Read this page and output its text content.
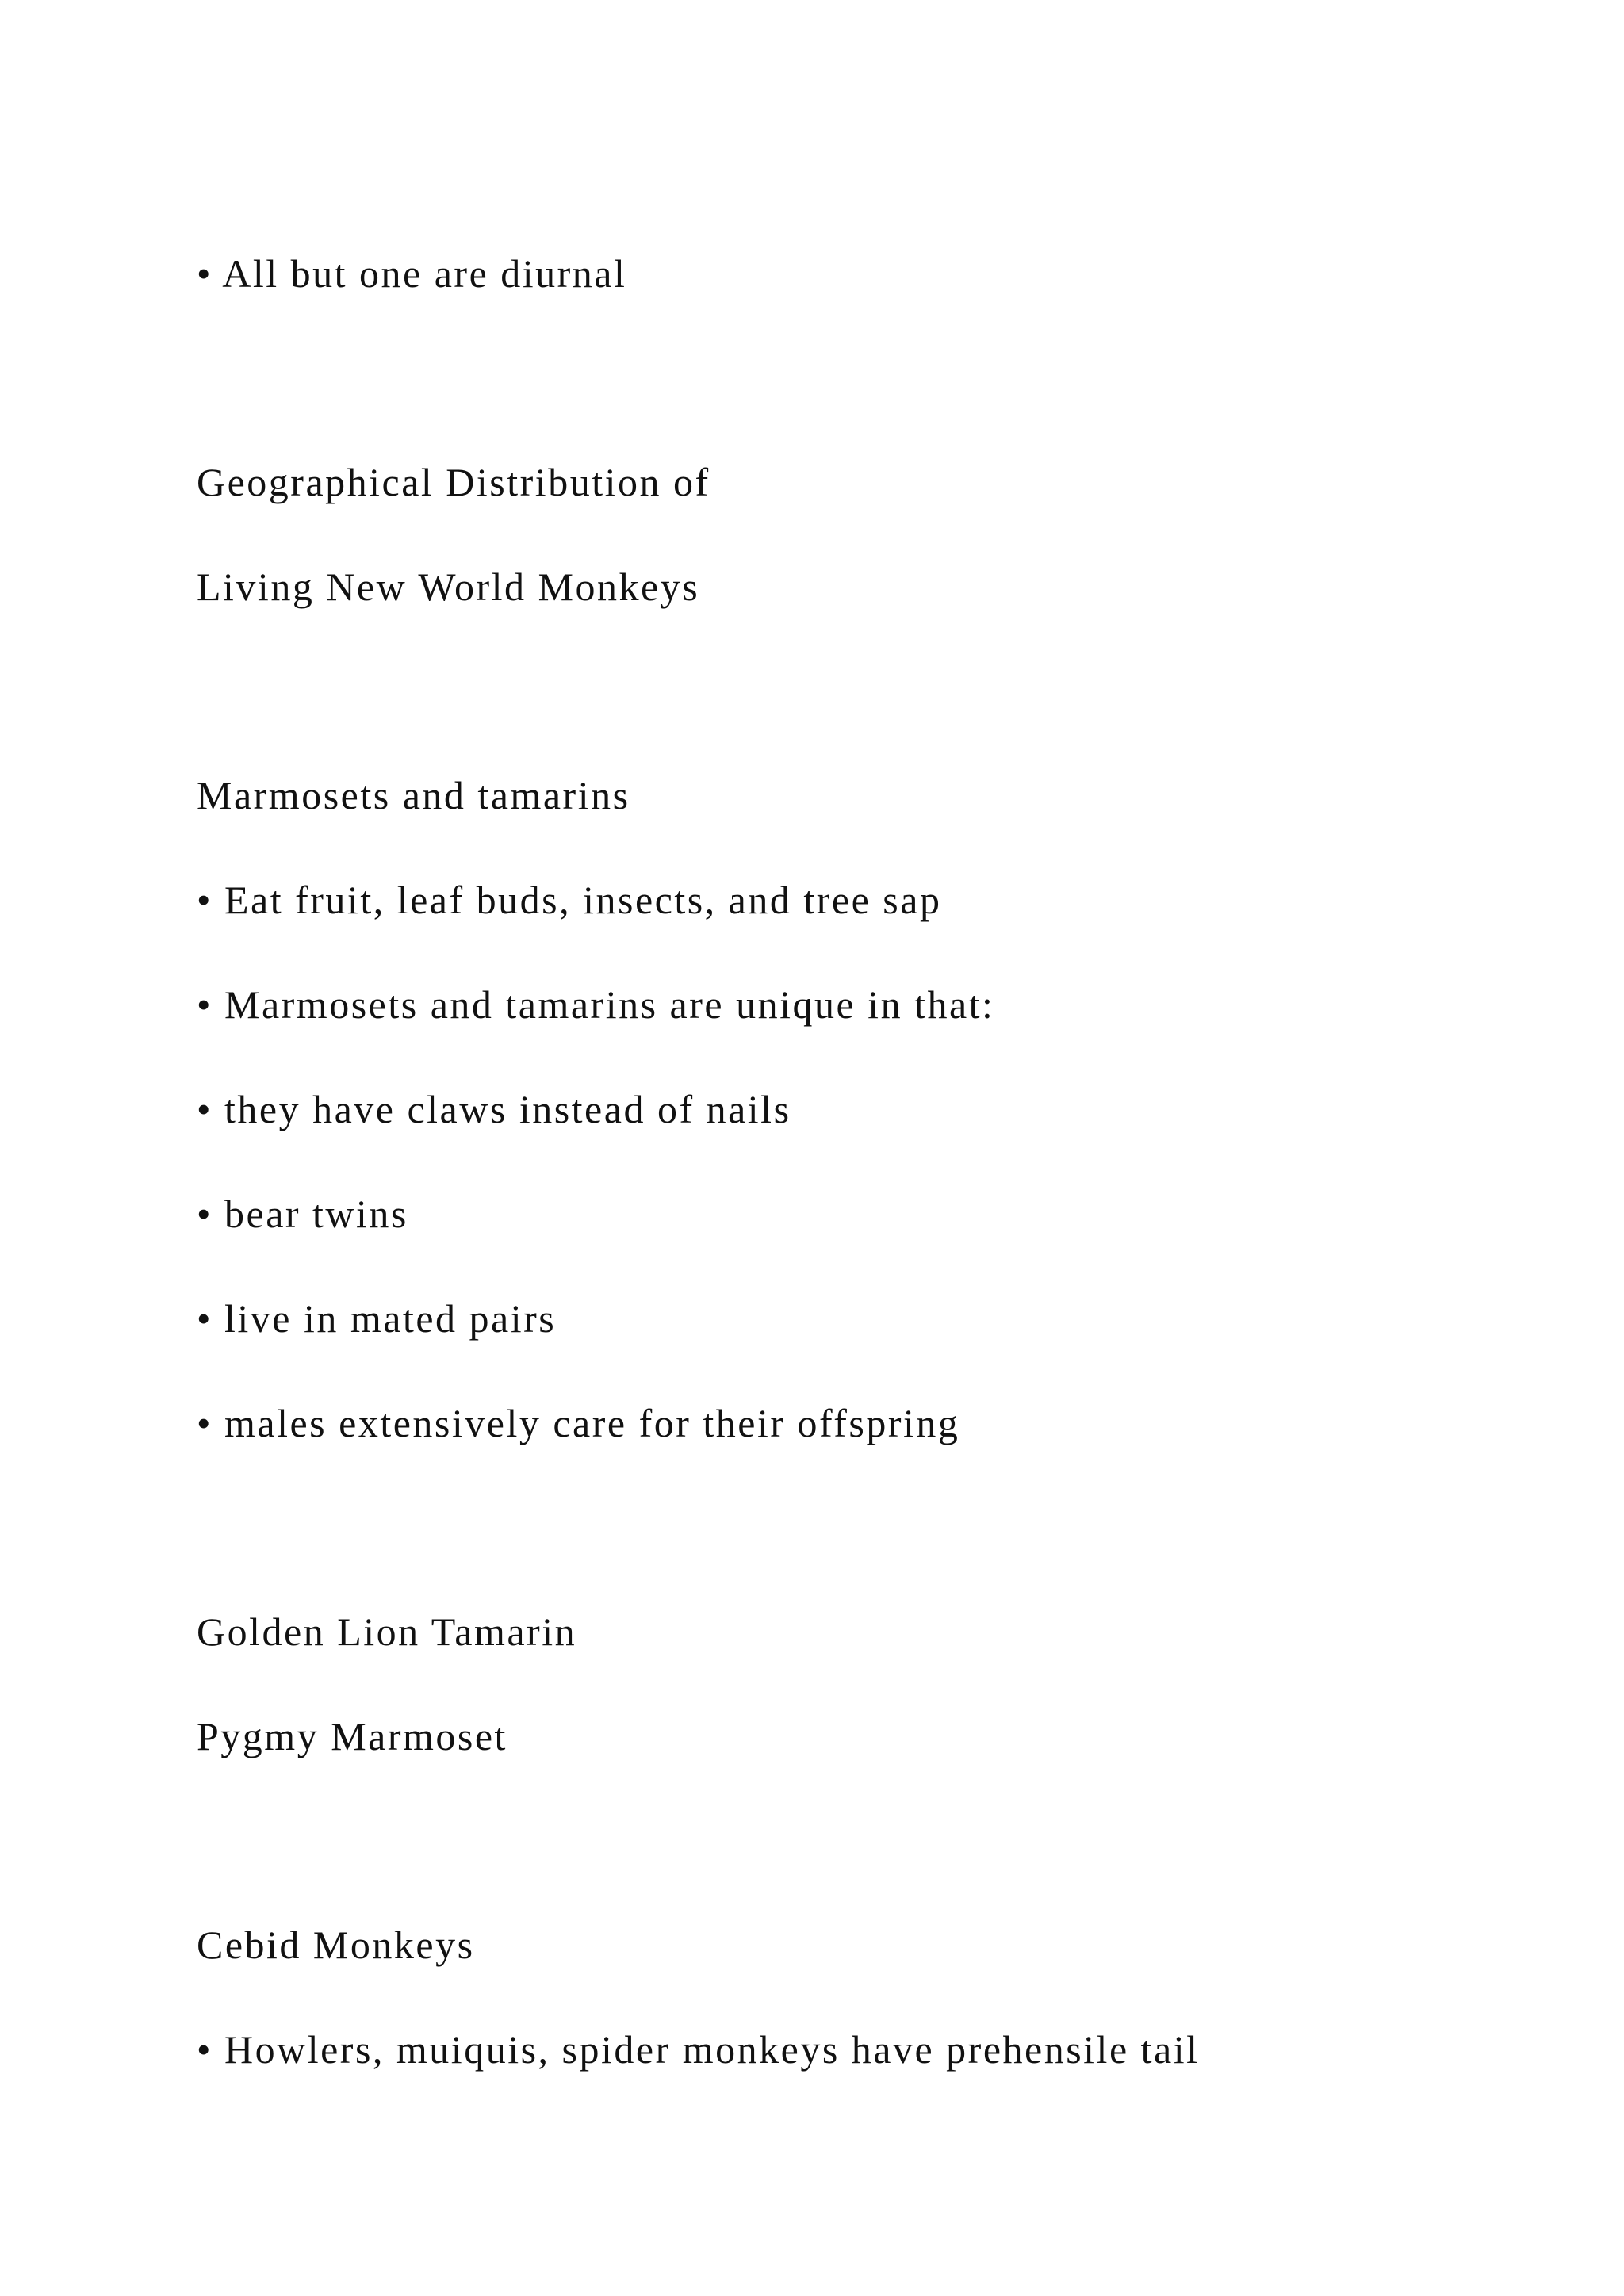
• All but one are diurnal

Geographical Distribution of

Living New World Monkeys

Marmosets and tamarins

• Eat fruit, leaf buds, insects, and tree sap

• Marmosets and tamarins are unique in that:

• they have claws instead of nails

• bear twins

• live in mated pairs

• males extensively care for their offspring

Golden Lion Tamarin

Pygmy Marmoset

Cebid Monkeys

• Howlers, muiquis, spider monkeys have prehensile tail
